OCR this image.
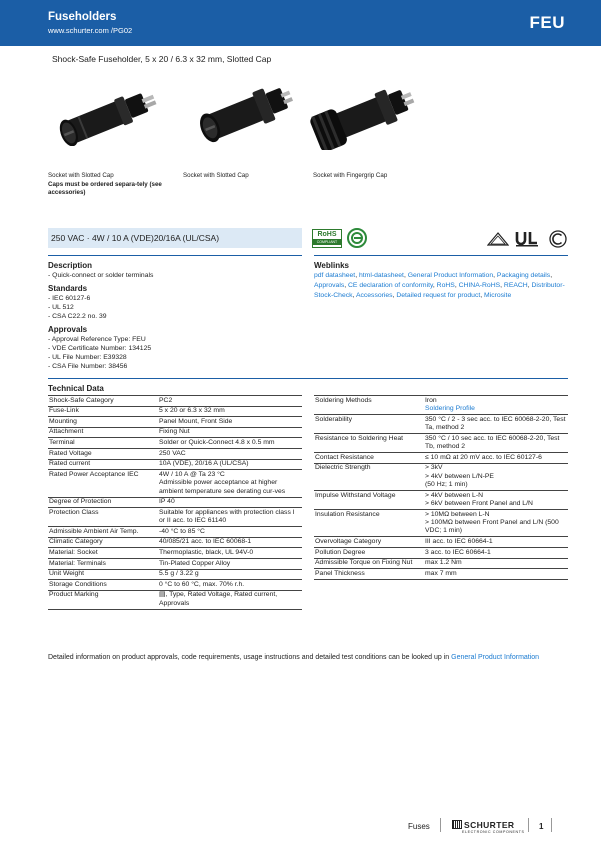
Fuseholders
www.schurter.com /PG02	FEU
Shock-Safe Fuseholder, 5 x 20 / 6.3 x 32 mm, Slotted Cap
Socket with Slotted Cap
Caps must be ordered separa-tely (see accessories)
Socket with Slotted Cap	Socket with Fingergrip Cap
250 VAC · 4W / 10 A (VDE)20/16A (UL/CSA)	RoHS
COMPLIANT
Description
- Quick-connect or solder terminals
Standards
- IEC 60127-6
- UL 512
- CSA C22.2 no. 39
Approvals
- Approval Reference Type: FEU
- VDE Certificate Number: 134125
- UL File Number: E39328
- CSA File Number: 38456
Weblinks
pdf datasheet, html-datasheet, General Product Information, Packaging details, Approvals, CE declaration of conformity, RoHS, CHINA-RoHS, REACH, Distributor-Stock-Check, Accessories, Detailed request for product, Microsite
Technical Data
Shock-Safe Category	PC2

Fuse-Link	5 x 20 or 6.3 x 32 mm

Mounting	Panel Mount, Front Side

Attachment	Fixing Nut

Terminal	Solder or Quick-Connect 4.8 x 0.5 mm

Rated Voltage	250 VAC

Rated current	10A (VDE), 20/16 A (UL/CSA)

Rated Power Acceptance IEC	4W / 10 A @ Ta 23 °C
Admissible power acceptance at higher ambient temperature see derating cur-ves

Degree of Protection	IP 40

Protection Class	Suitable for appliances with protection class I or II acc. to IEC 61140

Admissible Ambient Air Temp.	-40 °C to 85 °C

Climatic Category	40/085/21 acc. to IEC 60068-1

Material: Socket	Thermoplastic, black, UL 94V-0

Material: Terminals	Tin-Plated Copper Alloy

Unit Weight	5.5 g / 3.22 g

Storage Conditions	0 °C to 60 °C, max. 70% r.h.

Product Marking	▤, Type, Rated Voltage, Rated current, Approvals
Soldering Methods	Iron
Soldering Profile

Solderability	350 °C / 2 - 3 sec acc. to IEC 60068-2-20, Test Ta, method 2

Resistance to Soldering Heat	350 °C / 10 sec acc. to IEC 60068-2-20, Test Tb, method 2

Contact Resistance	≤ 10 mΩ at 20 mV acc. to IEC 60127-6

Dielectric Strength	> 3kV
> 4kV between L/N-PE
(50 Hz; 1 min)

Impulse Withstand Voltage	> 4kV between L-N
> 6kV between Front Panel and L/N

Insulation Resistance	> 10MΩ between L-N
> 100MΩ between Front Panel and L/N (500 VDC; 1 min)

Overvoltage Category	III acc. to IEC 60664-1

Pollution Degree	3 acc. to IEC 60664-1

Admissible Torque on Fixing Nut	max 1.2 Nm

Panel Thickness	max 7 mm
Detailed information on product approvals, code requirements, usage instructions and detailed test conditions can be looked up in General Product Information
Fuses	SCHURTER
ELECTRONIC COMPONENTS
1
